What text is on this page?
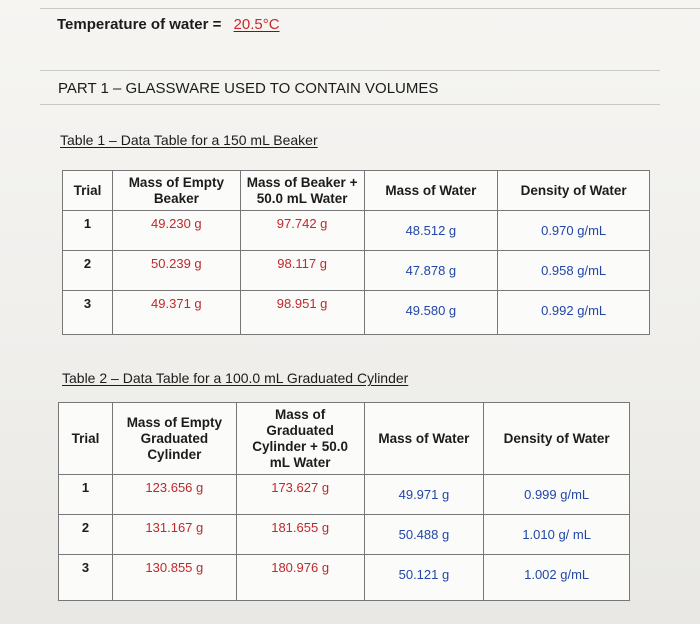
Temperature of water = 20.5°C
PART 1 – GLASSWARE USED TO CONTAIN VOLUMES
Table 1 – Data Table for a 150 mL Beaker
Trial	Mass of Empty Beaker	Mass of Beaker + 50.0 mL Water	Mass of Water	Density of Water
1	49.230 g	97.742 g	48.512 g	0.970 g/mL
2	50.239 g	98.117 g	47.878 g	0.958 g/mL
3	49.371 g	98.951 g	49.580 g	0.992 g/mL
Table 2 – Data Table for a 100.0 mL Graduated Cylinder
Trial	Mass of Empty Graduated Cylinder	Mass of Graduated Cylinder + 50.0 mL Water	Mass of Water	Density of Water
1	123.656 g	173.627 g	49.971 g	0.999 g/mL
2	131.167 g	181.655 g	50.488 g	1.010 g/ mL
3	130.855 g	180.976 g	50.121 g	1.002 g/mL
